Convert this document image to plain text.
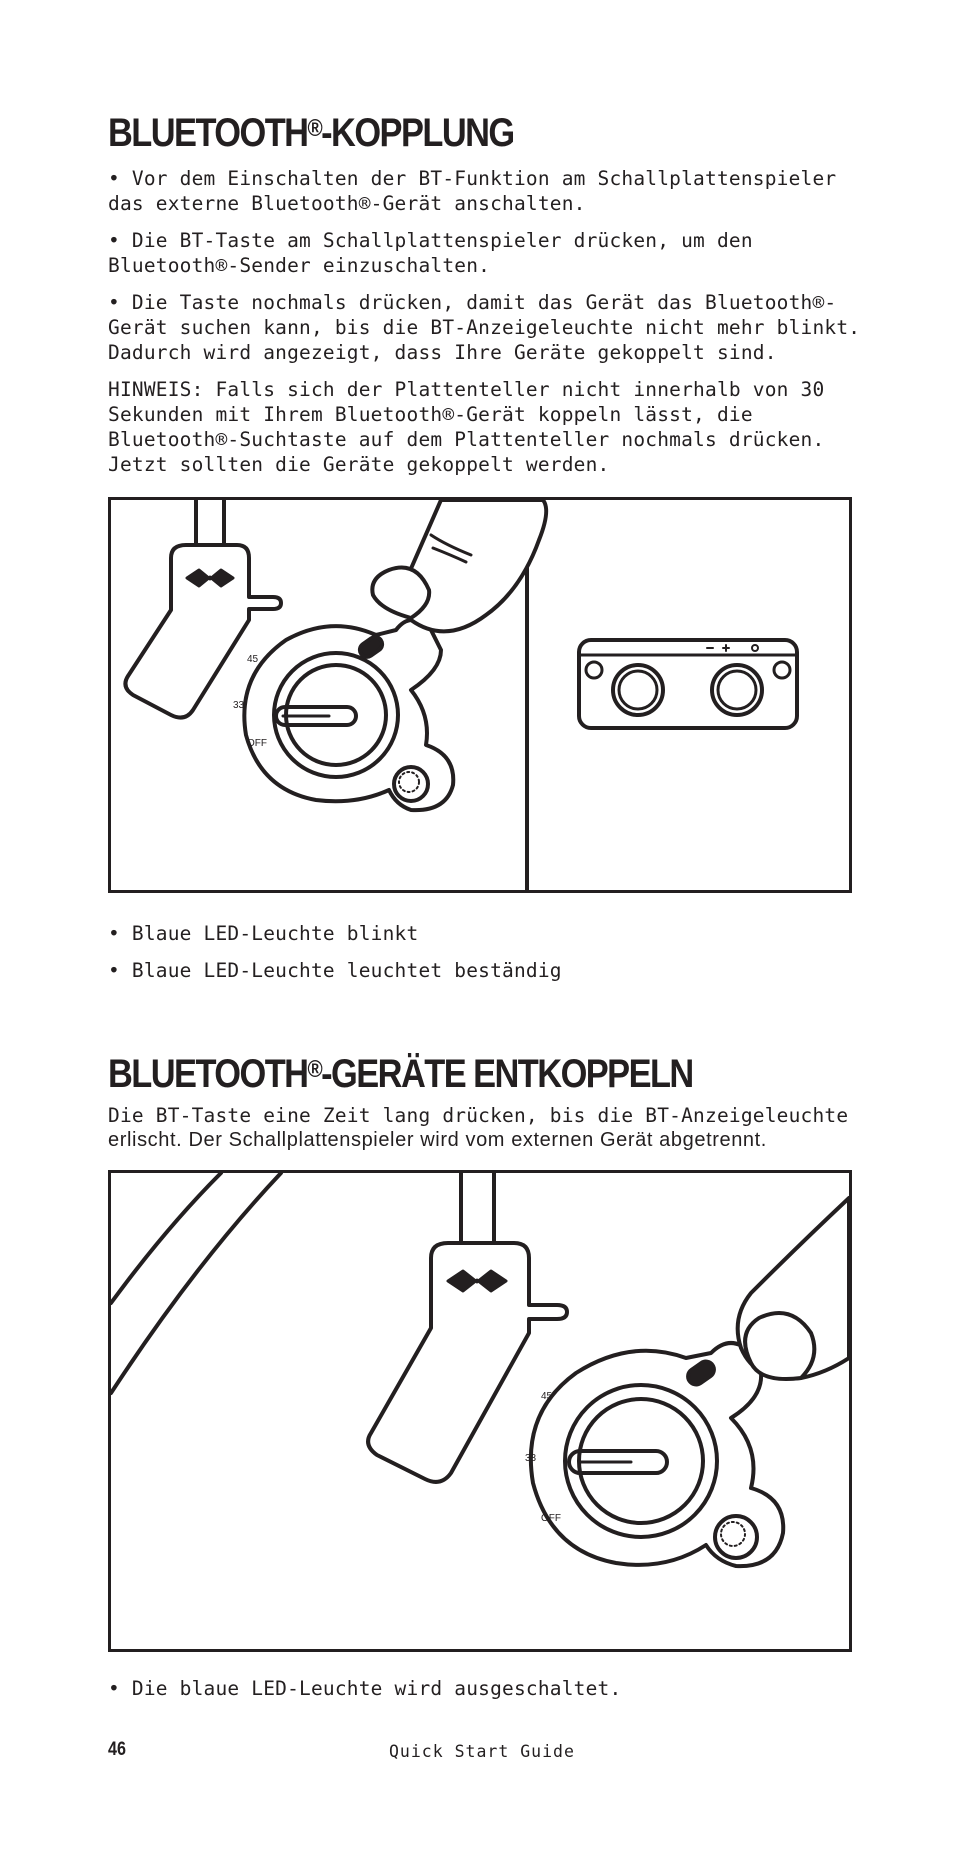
BLUETOOTH®-KOPPLUNG

• Vor dem Einschalten der BT-Funktion am Schallplattenspieler das externe Bluetooth®-Gerät anschalten.

• Die BT-Taste am Schallplattenspieler drücken, um den Bluetooth®-Sender einzuschalten.

• Die Taste nochmals drücken, damit das Gerät das Bluetooth®-Gerät suchen kann, bis die BT-Anzeigeleuchte nicht mehr blinkt. Dadurch wird angezeigt, dass Ihre Geräte gekoppelt sind.

HINWEIS: Falls sich der Plattenteller nicht innerhalb von 30 Sekunden mit Ihrem Bluetooth®-Gerät koppeln lässt, die Bluetooth®-Suchtaste auf dem Plattenteller nochmals drücken. Jetzt sollten die Geräte gekoppelt werden.

45
33
OFF

• Blaue LED-Leuchte blinkt

• Blaue LED-Leuchte leuchtet beständig

BLUETOOTH®-GERÄTE ENTKOPPELN

Die BT-Taste eine Zeit lang drücken, bis die BT-Anzeigeleuchte

erlischt. Der Schallplattenspieler wird vom externen Gerät abgetrennt.

45
33
OFF

• Die blaue LED-Leuchte wird ausgeschaltet.

46	Quick Start Guide
